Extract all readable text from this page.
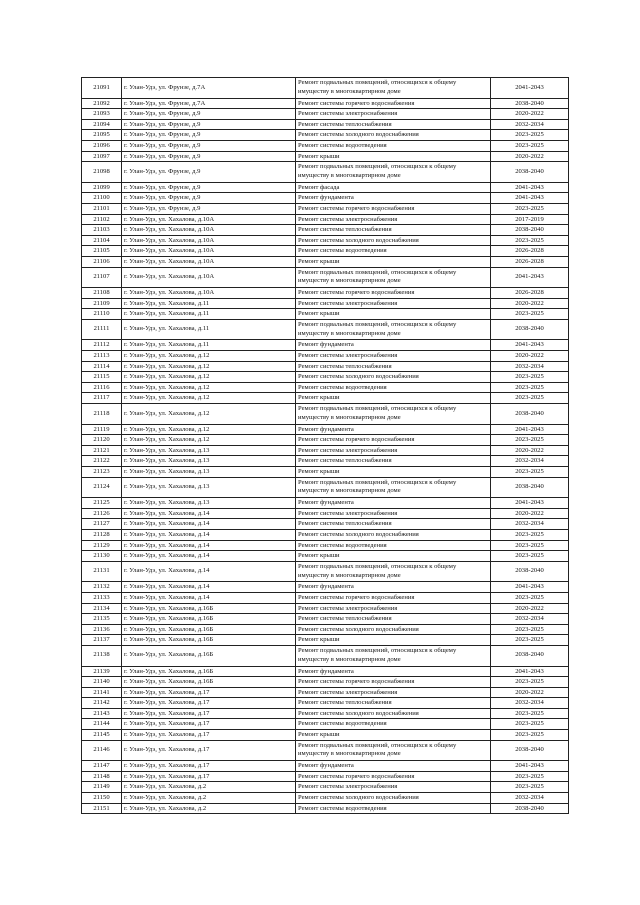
21091	г. Улан-Удэ, ул. Фрунзе, д.7А	Ремонт подвальных помещений, относящихся к общему имуществу в многоквартирном доме	2041-2043
21092	г. Улан-Удэ, ул. Фрунзе, д.7А	Ремонт системы горячего водоснабжения	2038-2040
21093	г. Улан-Удэ, ул. Фрунзе, д.9	Ремонт системы электроснабжения	2020-2022
21094	г. Улан-Удэ, ул. Фрунзе, д.9	Ремонт системы теплоснабжения	2032-2034
21095	г. Улан-Удэ, ул. Фрунзе, д.9	Ремонт системы холодного водоснабжения	2023-2025
21096	г. Улан-Удэ, ул. Фрунзе, д.9	Ремонт системы водоотведения	2023-2025
21097	г. Улан-Удэ, ул. Фрунзе, д.9	Ремонт крыши	2020-2022
21098	г. Улан-Удэ, ул. Фрунзе, д.9	Ремонт подвальных помещений, относящихся к общему имуществу в многоквартирном доме	2038-2040
21099	г. Улан-Удэ, ул. Фрунзе, д.9	Ремонт фасада	2041-2043
21100	г. Улан-Удэ, ул. Фрунзе, д.9	Ремонт фундамента	2041-2043
21101	г. Улан-Удэ, ул. Фрунзе, д.9	Ремонт системы горячего водоснабжения	2023-2025
21102	г. Улан-Удэ, ул. Хахалова, д.10А	Ремонт системы электроснабжения	2017-2019
21103	г. Улан-Удэ, ул. Хахалова, д.10А	Ремонт системы теплоснабжения	2038-2040
21104	г. Улан-Удэ, ул. Хахалова, д.10А	Ремонт системы холодного водоснабжения	2023-2025
21105	г. Улан-Удэ, ул. Хахалова, д.10А	Ремонт системы водоотведения	2026-2028
21106	г. Улан-Удэ, ул. Хахалова, д.10А	Ремонт крыши	2026-2028
21107	г. Улан-Удэ, ул. Хахалова, д.10А	Ремонт подвальных помещений, относящихся к общему имуществу в многоквартирном доме	2041-2043
21108	г. Улан-Удэ, ул. Хахалова, д.10А	Ремонт системы горячего водоснабжения	2026-2028
21109	г. Улан-Удэ, ул. Хахалова, д.11	Ремонт системы электроснабжения	2020-2022
21110	г. Улан-Удэ, ул. Хахалова, д.11	Ремонт крыши	2023-2025
21111	г. Улан-Удэ, ул. Хахалова, д.11	Ремонт подвальных помещений, относящихся к общему имуществу в многоквартирном доме	2038-2040
21112	г. Улан-Удэ, ул. Хахалова, д.11	Ремонт фундамента	2041-2043
21113	г. Улан-Удэ, ул. Хахалова, д.12	Ремонт системы электроснабжения	2020-2022
21114	г. Улан-Удэ, ул. Хахалова, д.12	Ремонт системы теплоснабжения	2032-2034
21115	г. Улан-Удэ, ул. Хахалова, д.12	Ремонт системы холодного водоснабжения	2023-2025
21116	г. Улан-Удэ, ул. Хахалова, д.12	Ремонт системы водоотведения	2023-2025
21117	г. Улан-Удэ, ул. Хахалова, д.12	Ремонт крыши	2023-2025
21118	г. Улан-Удэ, ул. Хахалова, д.12	Ремонт подвальных помещений, относящихся к общему имуществу в многоквартирном доме	2038-2040
21119	г. Улан-Удэ, ул. Хахалова, д.12	Ремонт фундамента	2041-2043
21120	г. Улан-Удэ, ул. Хахалова, д.12	Ремонт системы горячего водоснабжения	2023-2025
21121	г. Улан-Удэ, ул. Хахалова, д.13	Ремонт системы электроснабжения	2020-2022
21122	г. Улан-Удэ, ул. Хахалова, д.13	Ремонт системы теплоснабжения	2032-2034
21123	г. Улан-Удэ, ул. Хахалова, д.13	Ремонт крыши	2023-2025
21124	г. Улан-Удэ, ул. Хахалова, д.13	Ремонт подвальных помещений, относящихся к общему имуществу в многоквартирном доме	2038-2040
21125	г. Улан-Удэ, ул. Хахалова, д.13	Ремонт фундамента	2041-2043
21126	г. Улан-Удэ, ул. Хахалова, д.14	Ремонт системы электроснабжения	2020-2022
21127	г. Улан-Удэ, ул. Хахалова, д.14	Ремонт системы теплоснабжения	2032-2034
21128	г. Улан-Удэ, ул. Хахалова, д.14	Ремонт системы холодного водоснабжения	2023-2025
21129	г. Улан-Удэ, ул. Хахалова, д.14	Ремонт системы водоотведения	2023-2025
21130	г. Улан-Удэ, ул. Хахалова, д.14	Ремонт крыши	2023-2025
21131	г. Улан-Удэ, ул. Хахалова, д.14	Ремонт подвальных помещений, относящихся к общему имуществу в многоквартирном доме	2038-2040
21132	г. Улан-Удэ, ул. Хахалова, д.14	Ремонт фундамента	2041-2043
21133	г. Улан-Удэ, ул. Хахалова, д.14	Ремонт системы горячего водоснабжения	2023-2025
21134	г. Улан-Удэ, ул. Хахалова, д.16Б	Ремонт системы электроснабжения	2020-2022
21135	г. Улан-Удэ, ул. Хахалова, д.16Б	Ремонт системы теплоснабжения	2032-2034
21136	г. Улан-Удэ, ул. Хахалова, д.16Б	Ремонт системы холодного водоснабжения	2023-2025
21137	г. Улан-Удэ, ул. Хахалова, д.16Б	Ремонт крыши	2023-2025
21138	г. Улан-Удэ, ул. Хахалова, д.16Б	Ремонт подвальных помещений, относящихся к общему имуществу в многоквартирном доме	2038-2040
21139	г. Улан-Удэ, ул. Хахалова, д.16Б	Ремонт фундамента	2041-2043
21140	г. Улан-Удэ, ул. Хахалова, д.16Б	Ремонт системы горячего водоснабжения	2023-2025
21141	г. Улан-Удэ, ул. Хахалова, д.17	Ремонт системы электроснабжения	2020-2022
21142	г. Улан-Удэ, ул. Хахалова, д.17	Ремонт системы теплоснабжения	2032-2034
21143	г. Улан-Удэ, ул. Хахалова, д.17	Ремонт системы холодного водоснабжения	2023-2025
21144	г. Улан-Удэ, ул. Хахалова, д.17	Ремонт системы водоотведения	2023-2025
21145	г. Улан-Удэ, ул. Хахалова, д.17	Ремонт крыши	2023-2025
21146	г. Улан-Удэ, ул. Хахалова, д.17	Ремонт подвальных помещений, относящихся к общему имуществу в многоквартирном доме	2038-2040
21147	г. Улан-Удэ, ул. Хахалова, д.17	Ремонт фундамента	2041-2043
21148	г. Улан-Удэ, ул. Хахалова, д.17	Ремонт системы горячего водоснабжения	2023-2025
21149	г. Улан-Удэ, ул. Хахалова, д.2	Ремонт системы электроснабжения	2023-2025
21150	г. Улан-Удэ, ул. Хахалова, д.2	Ремонт системы холодного водоснабжения	2032-2034
21151	г. Улан-Удэ, ул. Хахалова, д.2	Ремонт системы водоотведения	2038-2040
